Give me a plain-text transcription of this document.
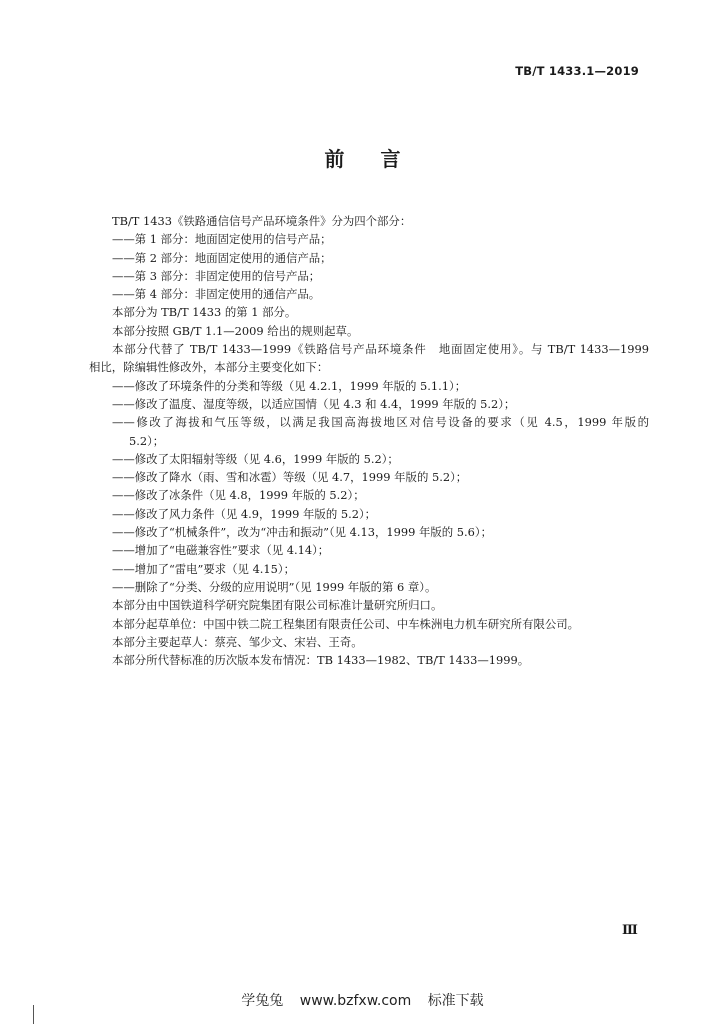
TB/T 1433.1—2019
前言

TB/T 1433《铁路通信信号产品环境条件》分为四个部分：

——第 1 部分：地面固定使用的信号产品；

——第 2 部分：地面固定使用的通信产品；

——第 3 部分：非固定使用的信号产品；

——第 4 部分：非固定使用的通信产品。

本部分为 TB/T 1433 的第 1 部分。

本部分按照 GB/T 1.1—2009 给出的规则起草。

本部分代替了 TB/T 1433—1999《铁路信号产品环境条件　地面固定使用》。与 TB/T 1433—1999

相比，除编辑性修改外，本部分主要变化如下：

——修改了环境条件的分类和等级（见 4.2.1，1999 年版的 5.1.1）；

——修改了温度、湿度等级，以适应国情（见 4.3 和 4.4，1999 年版的 5.2）；

——修改了海拔和气压等级，以满足我国高海拔地区对信号设备的要求（见 4.5，1999 年版的

5.2）；

——修改了太阳辐射等级（见 4.6，1999 年版的 5.2）；

——修改了降水（雨、雪和冰雹）等级（见 4.7，1999 年版的 5.2）；

——修改了冰条件（见 4.8，1999 年版的 5.2）；

——修改了风力条件（见 4.9，1999 年版的 5.2）；

——修改了“机械条件”，改为“冲击和振动”（见 4.13，1999 年版的 5.6）；

——增加了“电磁兼容性”要求（见 4.14）；

——增加了“雷电”要求（见 4.15）；

——删除了“分类、分级的应用说明”（见 1999 年版的第 6 章）。

本部分由中国铁道科学研究院集团有限公司标准计量研究所归口。

本部分起草单位：中国中铁二院工程集团有限责任公司、中车株洲电力机车研究所有限公司。

本部分主要起草人：蔡亮、邹少文、宋岩、王奇。

本部分所代替标准的历次版本发布情况：TB 1433—1982、TB/T 1433—1999。

Ⅲ
学兔兔 www.bzfxw.com 标准下载
